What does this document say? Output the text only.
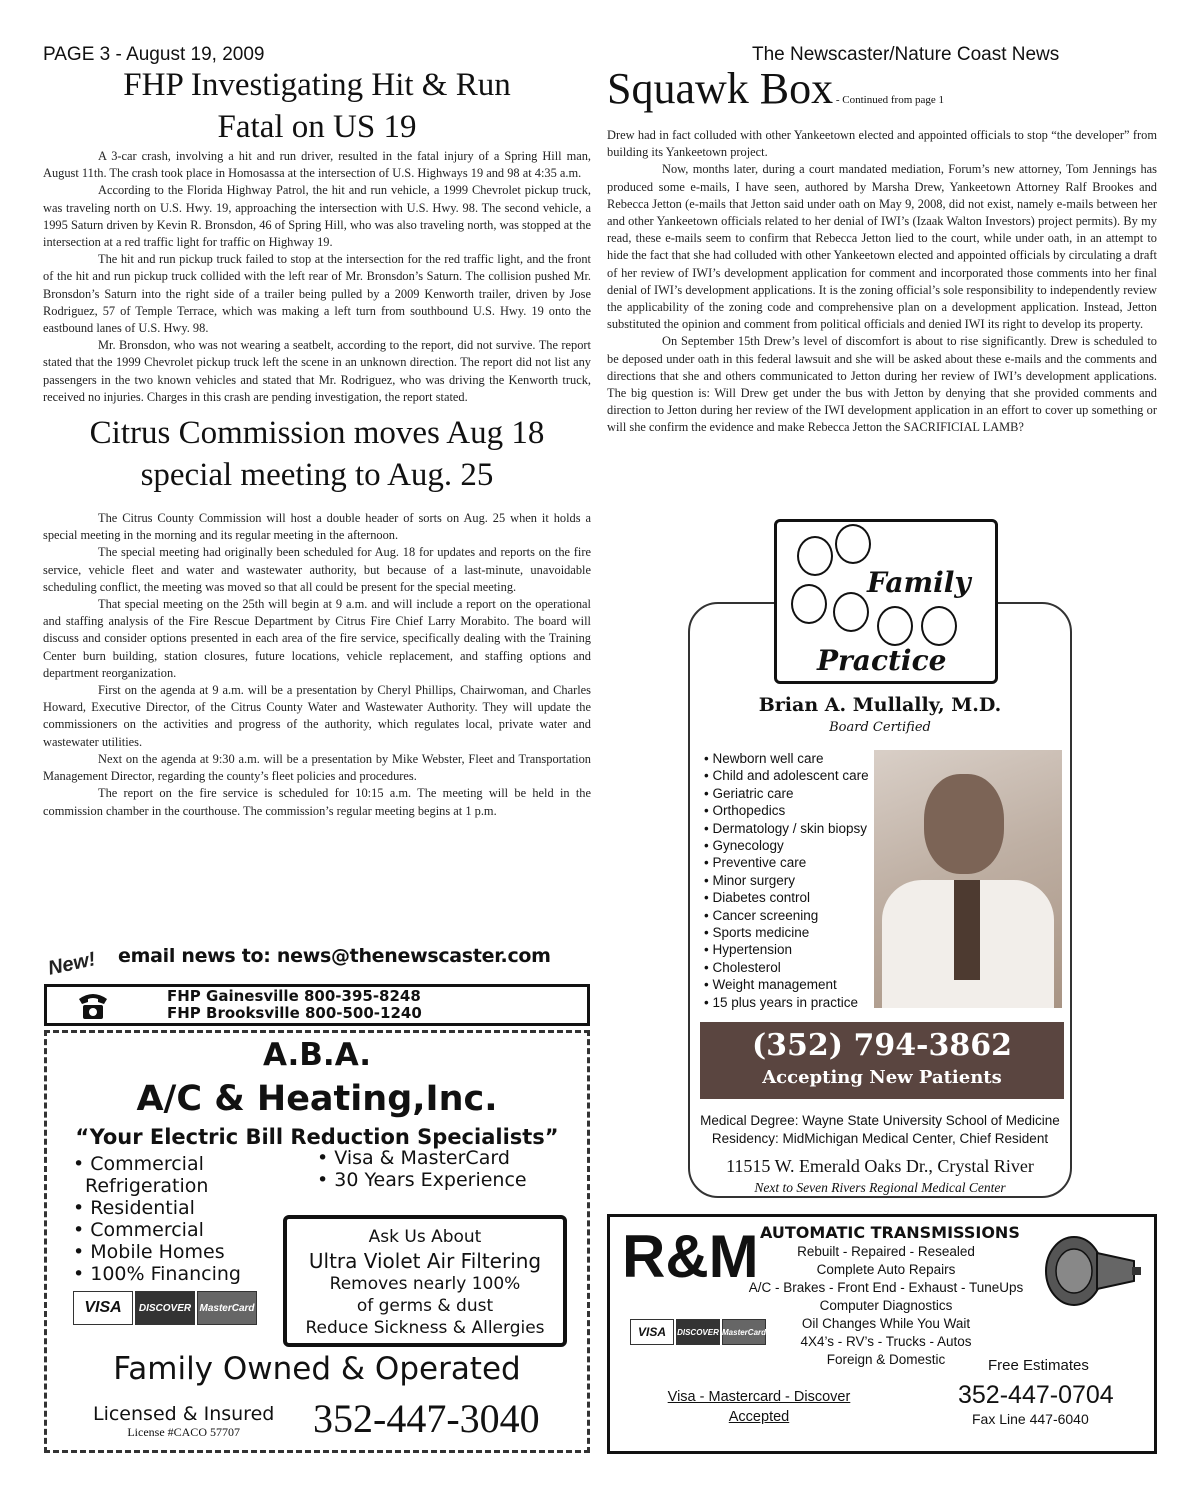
PAGE 3 - August 19, 2009	The Newscaster/Nature Coast News
FHP Investigating Hit & Run
Fatal on US 19

A 3-car crash, involving a hit and run driver, resulted in the fatal injury of a Spring Hill man, August 11th. The crash took place in Homosassa at the intersection of U.S. Highways 19 and 98 at 4:35 a.m.

According to the Florida Highway Patrol, the hit and run vehicle, a 1999 Chevrolet pickup truck, was traveling north on U.S. Hwy. 19, approaching the intersection with U.S. Hwy. 98. The second vehicle, a 1995 Saturn driven by Kevin R. Bronsdon, 46 of Spring Hill, who was also traveling north, was stopped at the intersection at a red traffic light for traffic on Highway 19.

The hit and run pickup truck failed to stop at the intersection for the red traffic light, and the front of the hit and run pickup truck collided with the left rear of Mr. Bronsdon’s Saturn. The collision pushed Mr. Bronsdon’s Saturn into the right side of a trailer being pulled by a 2009 Kenworth trailer, driven by Jose Rodriguez, 57 of Temple Terrace, which was making a left turn from southbound U.S. Hwy. 19 onto the eastbound lanes of U.S. Hwy. 98.

Mr. Bronsdon, who was not wearing a seatbelt, according to the report, did not survive. The report stated that the 1999 Chevrolet pickup truck left the scene in an unknown direction. The report did not list any passengers in the two known vehicles and stated that Mr. Rodriguez, who was driving the Kenworth truck, received no injuries. Charges in this crash are pending investigation, the report stated.

Citrus Commission moves Aug 18
special meeting to Aug. 25

The Citrus County Commission will host a double header of sorts on Aug. 25 when it holds a special meeting in the morning and its regular meeting in the afternoon.

The special meeting had originally been scheduled for Aug. 18 for updates and reports on the fire service, vehicle fleet and water and wastewater authority, but because of a last-minute, unavoidable scheduling conflict, the meeting was moved so that all could be present for the special meeting.

That special meeting on the 25th will begin at 9 a.m. and will include a report on the operational and staffing analysis of the Fire Rescue Department by Citrus Fire Chief Larry Morabito. The board will discuss and consider options presented in each area of the fire service, specifically dealing with the Training Center burn building, station closures, future locations, vehicle replacement, and staffing options and department reorganization.

First on the agenda at 9 a.m. will be a presentation by Cheryl Phillips, Chairwoman, and Charles Howard, Executive Director, of the Citrus County Water and Wastewater Authority. They will update the commissioners on the activities and progress of the authority, which regulates local, private water and wastewater utilities.

Next on the agenda at 9:30 a.m. will be a presentation by Mike Webster, Fleet and Transportation Management Director, regarding the county’s fleet policies and procedures.

The report on the fire service is scheduled for 10:15 a.m. The meeting will be held in the commission chamber in the courthouse. The commission’s regular meeting begins at 1 p.m.

New! email news to: news@thenewscaster.com
FHP Gainesville 800-395-8248
FHP Brooksville 800-500-1240
A.B.A.
A/C & Heating,Inc.
“Your Electric Bill Reduction Specialists”
• Commercial
Refrigeration
• Residential
• Commercial
• Mobile Homes
• 100% Financing
• Visa & MasterCard
• 30 Years Experience
VISA	DISCOVER MasterCard
Ask Us About
Ultra Violet Air Filtering
Removes nearly 100%
of germs & dust
Reduce Sickness & Allergies
Family Owned & Operated
Licensed & Insured
License #CACO 57707	352-447-3040
Squawk Box - Continued from page 1

Drew had in fact colluded with other Yankeetown elected and appointed officials to stop “the developer” from building its Yankeetown project.

Now, months later, during a court mandated mediation, Forum’s new attorney, Tom Jennings has produced some e-mails, I have seen, authored by Marsha Drew, Yankeetown Attorney Ralf Brookes and Rebecca Jetton (e-mails that Jetton said under oath on May 9, 2008, did not exist, namely e-mails between her and other Yankeetown officials related to her denial of IWI’s (Izaak Walton Investors) project permits). By my read, these e-mails seem to confirm that Rebecca Jetton lied to the court, while under oath, in an attempt to hide the fact that she had colluded with other Yankeetown elected and appointed officials by circulating a draft of her review of IWI’s development application for comment and incorporated those comments into her final denial of IWI’s development applications. It is the zoning official’s sole responsibility to independently review the applicability of the zoning code and comprehensive plan on a development application. Instead, Jetton substituted the opinion and comment from political officials and denied IWI its right to develop its property.

On September 15th Drew’s level of discomfort is about to rise significantly. Drew is scheduled to be deposed under oath in this federal lawsuit and she will be asked about these e-mails and the comments and directions that she and others communicated to Jetton during her review of IWI’s development applications. The big question is: Will Drew get under the bus with Jetton by denying that she provided comments and direction to Jetton during her review of the IWI development application in an effort to cover up something or will she confirm the evidence and make Rebecca Jetton the SACRIFICIAL LAMB?

Family
Practice
Brian A. Mullally, M.D.
Board Certified
• Newborn well care
• Child and adolescent care
• Geriatric care
• Orthopedics
• Dermatology / skin biopsy
• Gynecology
• Preventive care
• Minor surgery
• Diabetes control
• Cancer screening
• Sports medicine
• Hypertension
• Cholesterol
• Weight management
• 15 plus years in practice
(352) 794-3862
Accepting New Patients
Medical Degree: Wayne State University School of Medicine
Residency: MidMichigan Medical Center, Chief Resident
11515 W. Emerald Oaks Dr., Crystal River
Next to Seven Rivers Regional Medical Center
R&M AUTOMATIC TRANSMISSIONS
Rebuilt - Repaired - Resealed
Complete Auto Repairs
A/C - Brakes - Front End - Exhaust - TuneUps
Computer Diagnostics
Oil Changes While You Wait
4X4’s - RV’s - Trucks - Autos
Foreign & Domestic
VISA	DISCOVER MasterCard
Visa - Mastercard - Discover
Accepted
Free Estimates
352-447-0704
Fax Line 447-6040
